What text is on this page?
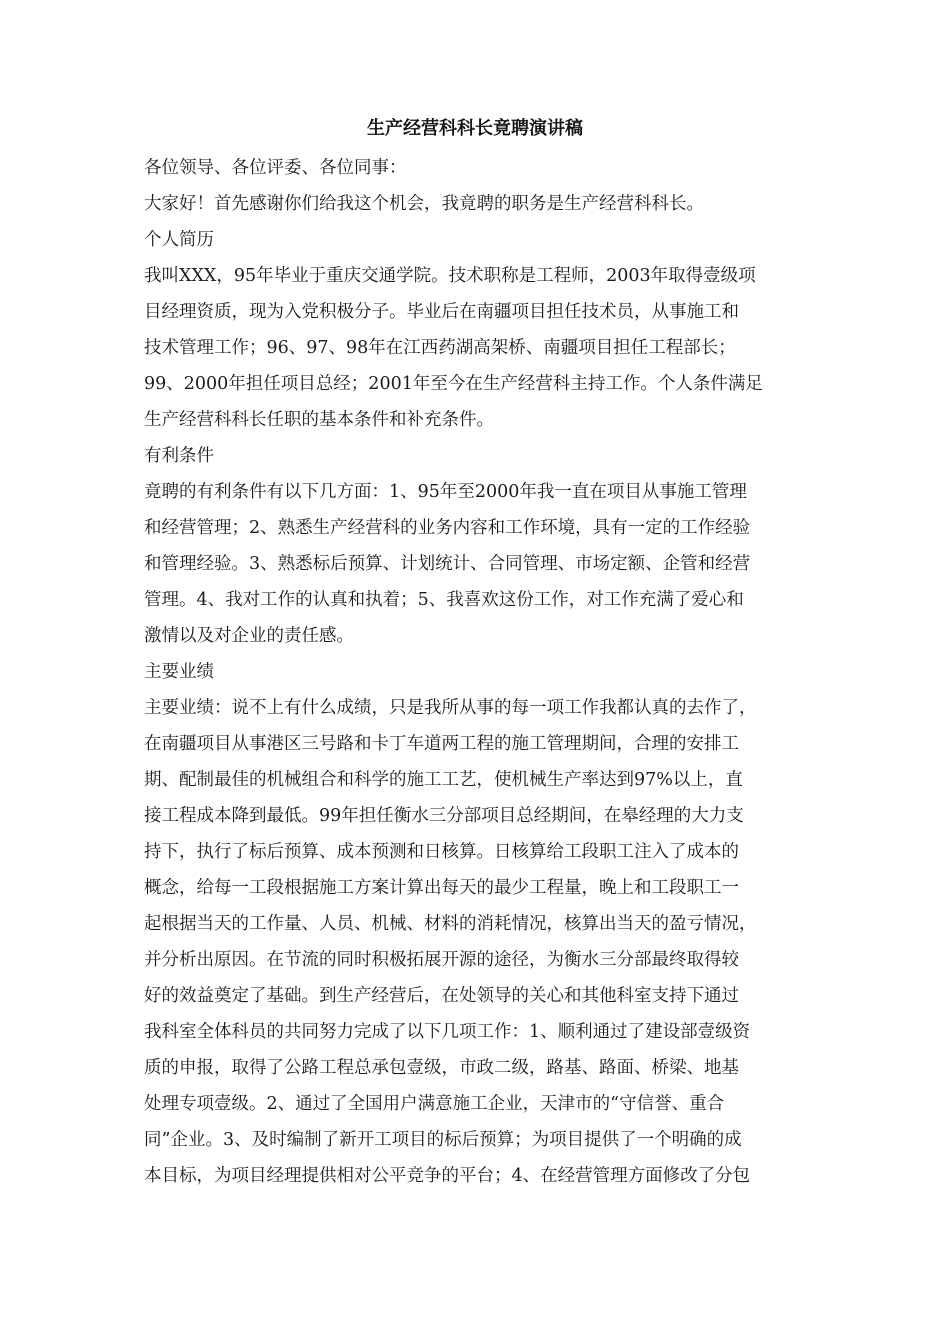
生产经营科科长竟聘演讲稿
各位领导、各位评委、各位同事：
大家好！首先感谢你们给我这个机会，我竟聘的职务是生产经营科科长。
个人简历
我叫XXX，95年毕业于重庆交通学院。技术职称是工程师，2003年取得壹级项
目经理资质，现为入党积极分子。毕业后在南疆项目担任技术员，从事施工和
技术管理工作；96、97、98年在江西药湖高架桥、南疆项目担任工程部长；
99、2000年担任项目总经；2001年至今在生产经营科主持工作。个人条件满足
生产经营科科长任职的基本条件和补充条件。
有利条件
竟聘的有利条件有以下几方面：1、95年至2000年我一直在项目从事施工管理
和经营管理；2、熟悉生产经营科的业务内容和工作环境，具有一定的工作经验
和管理经验。3、熟悉标后预算、计划统计、合同管理、市场定额、企管和经营
管理。4、我对工作的认真和执着；5、我喜欢这份工作，对工作充满了爱心和
激情以及对企业的责任感。
主要业绩
主要业绩：说不上有什么成绩，只是我所从事的每一项工作我都认真的去作了，
在南疆项目从事港区三号路和卡丁车道两工程的施工管理期间，合理的安排工
期、配制最佳的机械组合和科学的施工工艺，使机械生产率达到97%以上，直
接工程成本降到最低。99年担任衡水三分部项目总经期间，在皋经理的大力支
持下，执行了标后预算、成本预测和日核算。日核算给工段职工注入了成本的
概念，给每一工段根据施工方案计算出每天的最少工程量，晚上和工段职工一
起根据当天的工作量、人员、机械、材料的消耗情况，核算出当天的盈亏情况，
并分析出原因。在节流的同时积极拓展开源的途径，为衡水三分部最终取得较
好的效益奠定了基础。到生产经营后，在处领导的关心和其他科室支持下通过
我科室全体科员的共同努力完成了以下几项工作：1、顺利通过了建设部壹级资
质的申报，取得了公路工程总承包壹级，市政二级，路基、路面、桥梁、地基
处理专项壹级。2、通过了全国用户满意施工企业，天津市的“守信誉、重合
同”企业。3、及时编制了新开工项目的标后预算；为项目提供了一个明确的成
本目标，为项目经理提供相对公平竞争的平台；4、在经营管理方面修改了分包
